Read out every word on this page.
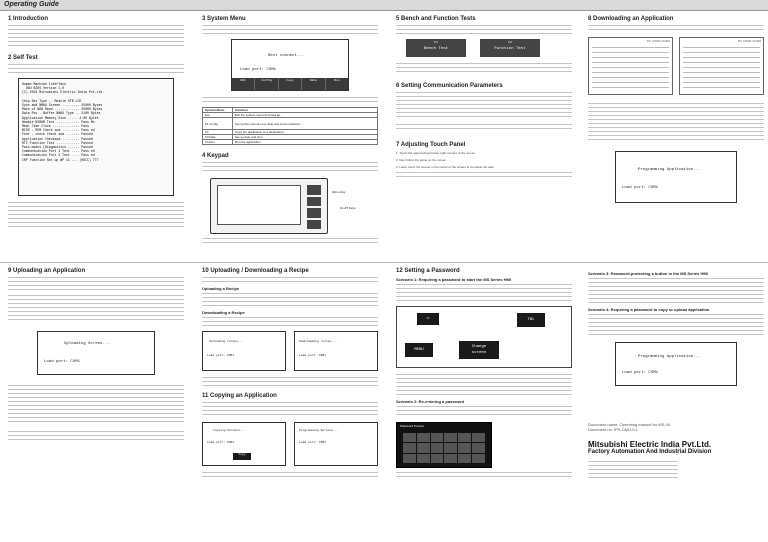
Operating Guide
1 Introduction
2 Self Test
Human Machine Interface
DGU BIOS Version 1.0
(C) 2013 Mitsubishi Electric India Pvt.Ltd.

Chip Set Type -- Module STR LCD
Sync and NMAX Screen ......... 25000 Bytes
Rate of NDB Read ............. 25000 Bytes
Data Pos - Buffer NMAX Type .. 2100 Bytes
Application Memory Size ..... 4.00 Bytes
Newbie NVRAM Test ............ Pass Mx
Real Time Clock .............. Pass
BIOS - ROM Check sum ......... Pass ed
Font - check Check sum ....... Passed
Application Checksum ......... Passed
RTC Function Test ............ Passed
Pass modes (Diagnostics ...... Passed
Communication Port 1 Test .... Pass ed
Communication Port 2 Test .... Pass ed
CRP function Set up WP 11 --- (0DCC) 777
3 System Menu
Next connect...
Load port: COM1
ESC	Config	Copy	Date	Run
System Menu	Function
Esc	Exit the system menu and load ap...
F1 Config	Set up the internal error date and communication...
F2	Copy the application to a destination...
F3 Date	Set up date and time
F4 Run	Run the application
4 Keypad
Menu Key
F1-F5 Keys
5 Bench and Function Tests
F1
Bench Test
F2
Function Test
6 Setting Communication Parameters
7 Adjusting Touch Panel
1. Touch the upper left and lower right corners of the screen.
2. Next follow the same on the screen.
3. Lastly touch the square in the center of the screen to complete the task.
8 Downloading an Application
PC COM1 COM2	PC COM1 COM2
Programming Application...
Load port: COM1
9 Uploading an Application
Uploading Screen...
Load port: COM1
10 Uploading / Downloading a Recipe
Uploading a Recipe
Downloading a Recipe
Uploading recipe...
Load port: COM1
Downloading recipe...
Load port: COM1
11 Copying an Application
Copying Screens...
Load port: COM1
Copy
Programming Screens...
Load port: COM1
12 Setting a Password
Scenario 1: Requiring a password to start the MS Series HMI
▭	TBL
MENU
Change
screen
Scenario 2: Re-entering a password
Password Prompt
Scenario 3: Password-protecting a button in the MS Series HMI
Scenario 4: Requiring a password to copy or upload application
Programming Application...
Load port: COM1
Document name: Operating manual for MS-04
Document no: IPS-DMU-0-1
Mitsubishi Electric India Pvt.Ltd.
Factory Automation And Industrial Division
